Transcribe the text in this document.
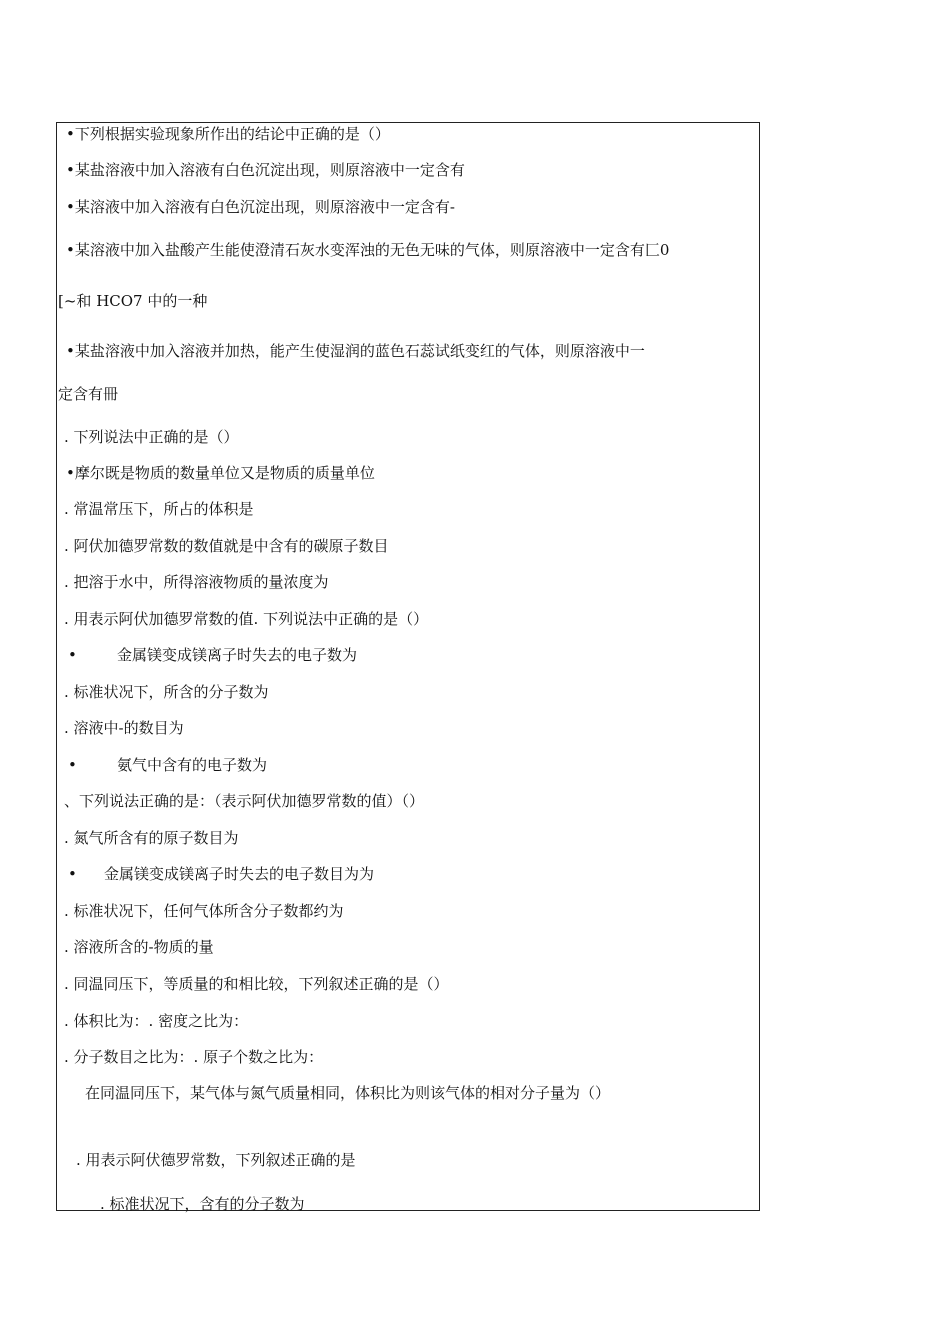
•下列根据实验现象所作出的结论中正确的是（）
•某盐溶液中加入溶液有白色沉淀出现，则原溶液中一定含有
•某溶液中加入溶液有白色沉淀出现，则原溶液中一定含有-
•某溶液中加入盐酸产生能使澄清石灰水变浑浊的无色无味的气体，则原溶液中一定含有匚0
[~和 HCO7 中的一种
•某盐溶液中加入溶液并加热，能产生使湿润的蓝色石蕊试纸变红的气体，则原溶液中一
定含有冊
. 下列说法中正确的是（）
•摩尔既是物质的数量单位又是物质的质量单位
. 常温常压下，所占的体积是
. 阿伏加德罗常数的数值就是中含有的碳原子数目
. 把溶于水中，所得溶液物质的量浓度为
. 用表示阿伏加德罗常数的值. 下列说法中正确的是（）
•	金属镁变成镁离子时失去的电子数为
. 标准状况下，所含的分子数为
. 溶液中-的数目为
•	氨气中含有的电子数为
、下列说法正确的是：（表示阿伏加德罗常数的值）（）
. 氮气所含有的原子数目为
• 金属镁变成镁离子时失去的电子数目为为
. 标准状况下，任何气体所含分子数都约为
. 溶液所含的-物质的量
. 同温同压下，等质量的和相比较，下列叙述正确的是（）
. 体积比为：. 密度之比为：
. 分子数目之比为：. 原子个数之比为：
在同温同压下，某气体与氮气质量相同，体积比为则该气体的相对分子量为（）
. 用表示阿伏德罗常数，下列叙述正确的是
. 标准状况下，含有的分子数为
